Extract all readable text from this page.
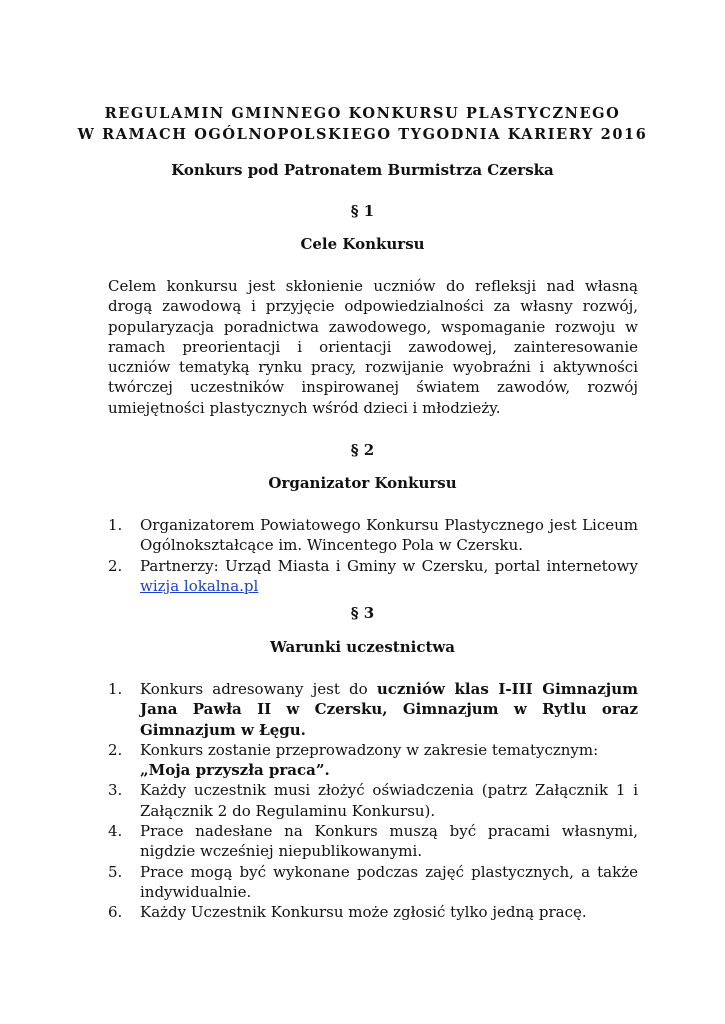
REGULAMIN GMINNEGO KONKURSU PLASTYCZNEGO
W RAMACH OGÓLNOPOLSKIEGO TYGODNIA KARIERY 2016
Konkurs pod Patronatem Burmistrza Czerska
§ 1
Cele Konkursu
Celem konkursu jest skłonienie uczniów do refleksji nad własną drogą zawodową i przyjęcie odpowiedzialności za własny rozwój, popularyzacja poradnictwa zawodowego, wspomaganie rozwoju w ramach preorientacji i orientacji zawodowej, zainteresowanie uczniów tematyką rynku pracy, rozwijanie wyobraźni i aktywności twórczej uczestników inspirowanej światem zawodów, rozwój umiejętności plastycznych wśród dzieci i młodzieży.
§ 2
Organizator Konkursu
1.	Organizatorem Powiatowego Konkursu Plastycznego jest Liceum Ogólnokształcące im. Wincentego Pola w Czersku.
2.	Partnerzy: Urząd Miasta i Gminy w Czersku, portal internetowy wizja lokalna.pl
§ 3
Warunki uczestnictwa
1.	Konkurs adresowany jest do uczniów klas I-III Gimnazjum Jana Pawła II w Czersku, Gimnazjum w Rytlu oraz Gimnazjum w Łęgu.
2.	Konkurs zostanie przeprowadzony w zakresie tematycznym:
„Moja przyszła praca”.
3.	Każdy uczestnik musi złożyć oświadczenia (patrz Załącznik 1 i Załącznik 2 do Regulaminu Konkursu).
4.	Prace nadesłane na Konkurs muszą być pracami własnymi, nigdzie wcześniej niepublikowanymi.
5.	Prace mogą być wykonane podczas zajęć plastycznych, a także indywidualnie.
6.	Każdy Uczestnik Konkursu może zgłosić tylko jedną pracę.
